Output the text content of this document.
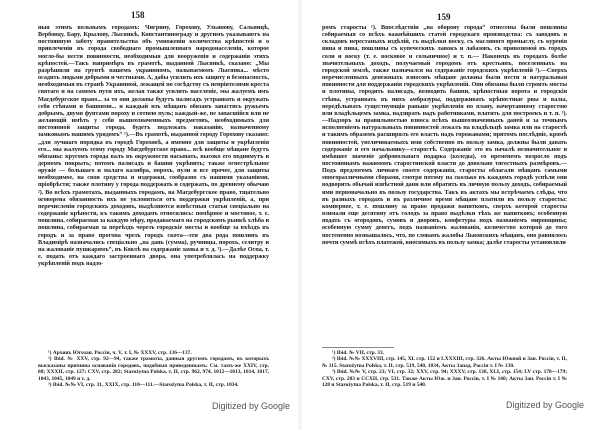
158
ныя этимъ вольнымъ городамъ: Чигрину, Горохову, Ульянову, Сальницѣ, Вербовцу, Бару, Крылову, Лысянкѣ, Константинограду и другимъ указываютъ на постоянную заботу правительства объ умноженіи количества крѣпостей и о привлеченіи въ города свободнаго промышленнаго народонаселенія, которое могло-бы нести повинности, необходимыя для вооруженія и содержанія этихъ крѣпостей.—Такъ напримѣръ въ грамотѣ, выданной Лысянкѣ, сказано: „Мы разрѣшили на грунтѣ нашемъ украинномъ, называемомъ Лысянка... мѣсто осадить людьми добрыми и честными. А, дабы усилить ихъ защиту и безопасность, необходимыя въ странѣ Украинной, лежащей по сосѣдству съ непріятелями креста святаго и на самомъ пути ихъ, желая также усилить населеніе, мы жалуемъ имъ Магдебургское право... за то они должны будутъ палисадъ устраивать и окружать себя стѣнами и башнями... и каждый изъ мѣщанъ обязанъ запастись ружьемъ добрымъ, двумя фунтами пороху и сотнею пуль; каждый-же, не запасшійся или не желающій имѣть у себя вышеозначенныхъ предметовъ, необходимыхъ для постоянной защиты города, будетъ подлежать наказанію, назначенному замковымъ нашимъ урядомъ“ ¹).—Въ грамотѣ, выданной городу Горохову сказано: „для лучшаго порядка въ городѣ Гороховѣ, а именно для защиты и укрѣпленія его... мы жалуемъ этому городу Магдебургское право... всѣ вообще мѣщане будутъ обязаны: кругомъ города валъ въ окружности насыпать, высоко его поднимутъ и дерномъ покрыть; потомъ палисадъ и башни укрѣпить; также огнестрѣльное оружіе — большаго и малаго калибра, порохъ, пули и все прочее, для защиты необходимое, на свои средства и издержки, сообразно съ нашими указаніями, пріобрѣсти; также плотину у города поддержать и содержать, по древнему обычаю ²). Во всѣхъ грамотахъ, выданныхъ городамъ, на Магдебургское право, тщательно оговорена обязанность ихъ не уклоняться отъ поддержки укрѣпленій, а, при перечисленіи городскихъ доходовъ, выдѣляются извѣстныя статьи спеціально на содержаніе крѣпости, къ такимъ доходамъ относились: помѣрное и мостовое, т. е. пошлина, собираемая за каждую мѣру, продаваемаго на городскомъ рынкѣ хлѣба и пошлина, собираемая за переѣздъ черезъ городскіе мосты и вообще за въѣздъ въ городъ и за право прогона чрезъ городъ скота—эти два рода пошлинъ въ Владимірѣ назначались спеціально „на дань (сумма), ручницы, порохъ, селитру и на жалованіе пушкарямъ“, въ Ковлѣ на содержаніе замка и т. д. ³).—Далѣе Оспа, т. е. подать отъ каждаго застроеннаго двора, она употреблялась на поддержку укрѣпленій подъ надзо-

¹) Архивъ Югозап. Россіи, ч. V, т. I, № XXXV, стр. 136—137.

²) Ibid. № XXV, стр. 92—94, также грамоты, данныя другимъ городамъ, въ которыхъ высказаны причины основанія городовъ, подобныя приведеннымъ: См. тамъ-же XXIV, стр. 88; XXXII, стр. 127; CXV, стр. 282; Starożytna Polska, т. II, стр. 962, 974, 1012—1013, 1014, 1017, 1043, 1045, 1049 и т. д.

³) Ibid. №№ VI, стр. 31, XXIX, стр. 110—111.—Starożytna Polska, т. II, стр. 1034.

Digitized by Google
159
ромъ старосты ¹). Впослѣдствіи „на оборону города“ отнесены были пошлины собираемыя со всѣхъ важнѣйшихъ статей городскаго производства: съ заводовъ и складовъ нерестаныхъ издѣлій, съ выдѣлки воску, съ масляного промыслу, съ куренія вина и пива, пошлины съ купеческихъ лавокъ и лабазовъ, съ привозимой въ городъ соли и воску (т. е. восковое и сольничное) и т. п.— Наконецъ въ городахъ болѣе значительныхъ доходъ, получаемый городомъ отъ крестьянъ, поселенныхъ на городской землѣ, также назначался на содержаніе городскихъ укрѣпленій ²).—Сверхъ перечисленныхъ денежныхъ взносовъ мѣщане должны были нести и натуральныя повинности для поддержанія городскихъ укрѣпленій. Они обязаны были строить мосты и плотины, городить палисадъ, возводить башни, крѣпостныя ворота и городскія стѣны, устраивать въ нихъ амбразуры, поддерживать крѣпостные рвы и валы, передѣлывать существующія раньше укрѣпленія по плану, начертанному старостою или владѣльцемъ замка, надзирать надъ работниками, платить для построекъ и т. п. ³).—Надзоръ за правильностью взноса всѣхъ вышеозначенныхъ даней и за точнымъ исполненіемъ натуральныхъ повинностей лежалъ на владѣльцѣ замка или на старостѣ и такимъ образомъ расширялъ его власть надъ горожанами; притомъ послѣдніе, кромѣ повинностей, увеличиваемыхъ ими собственно въ пользу замка, должны были давать содержаніе и его начальнику—старостѣ. Содержаніе это въ началѣ незначительное и имѣвшее значеніе добровольнаго подарка (коледы), со временемъ возросло подъ постояннымъ нажимомъ старостинской власти до довольно тягостныхъ размѣровъ.—Подъ предлогомъ личнаго своего содержанія, старосты облагали мѣщанъ самыми многоразличными сборами, смотря потому на сколько въ каждомъ городѣ успѣли они водворить обычай извѣстной дани или обратить въ личную пользу доходъ, собираемый ими первоначально въ пользу государства. Такъ въ актахъ мы встрѣчаемъ слѣды, что въ разныхъ городахъ и въ различное время мѣщане платили въ пользу старосты: комнерное, т. е. пошлину за право продажи напитковъ, сверхъ которой старосты взимали еще десятину отъ солодъ за право выдѣлки тѣхъ же напитковъ; особенную подать съ огородовъ, сумовъ и дворовъ, конфетуры подъ названіемъ мировщины; особенную сумму денегъ, подъ названіемъ жалованія, количество которой до того постепенно возвышалось, что, по словамъ жалобы Львовскихъ мѣщанъ, оно равнялось почти суммѣ всѣхъ платежей, вносимыхъ въ пользу замка; далѣе старосты установляли

¹) Ibid. № VII, стр. 33.

²) Ibid. №№ XXXVIII, стр. 145, XL стр. 152 и LXXXIII, стр. 326. Акты Южной и Зап. Россіи, т. II, № 115. Starożytna Polska, т. II, стр. 519, 540, 1034, Акты Запад. Россіи т. I № 130.

³) Ibid. №№ V, стр. 23; VI, стр. 32; XXV, стр. 94; XXXV, стр. 138, XLI, стр. 154; LV стр. 178—179; CXV, стр. 283 и CCXII, стр. 531. Также Акты Юж. и Зап. Россіи, т. I № 160; Акты Зап. Россіи т. I № 120 и Starożytna Polska, т. II, стр. 519 и 540.

Digitized by Google
